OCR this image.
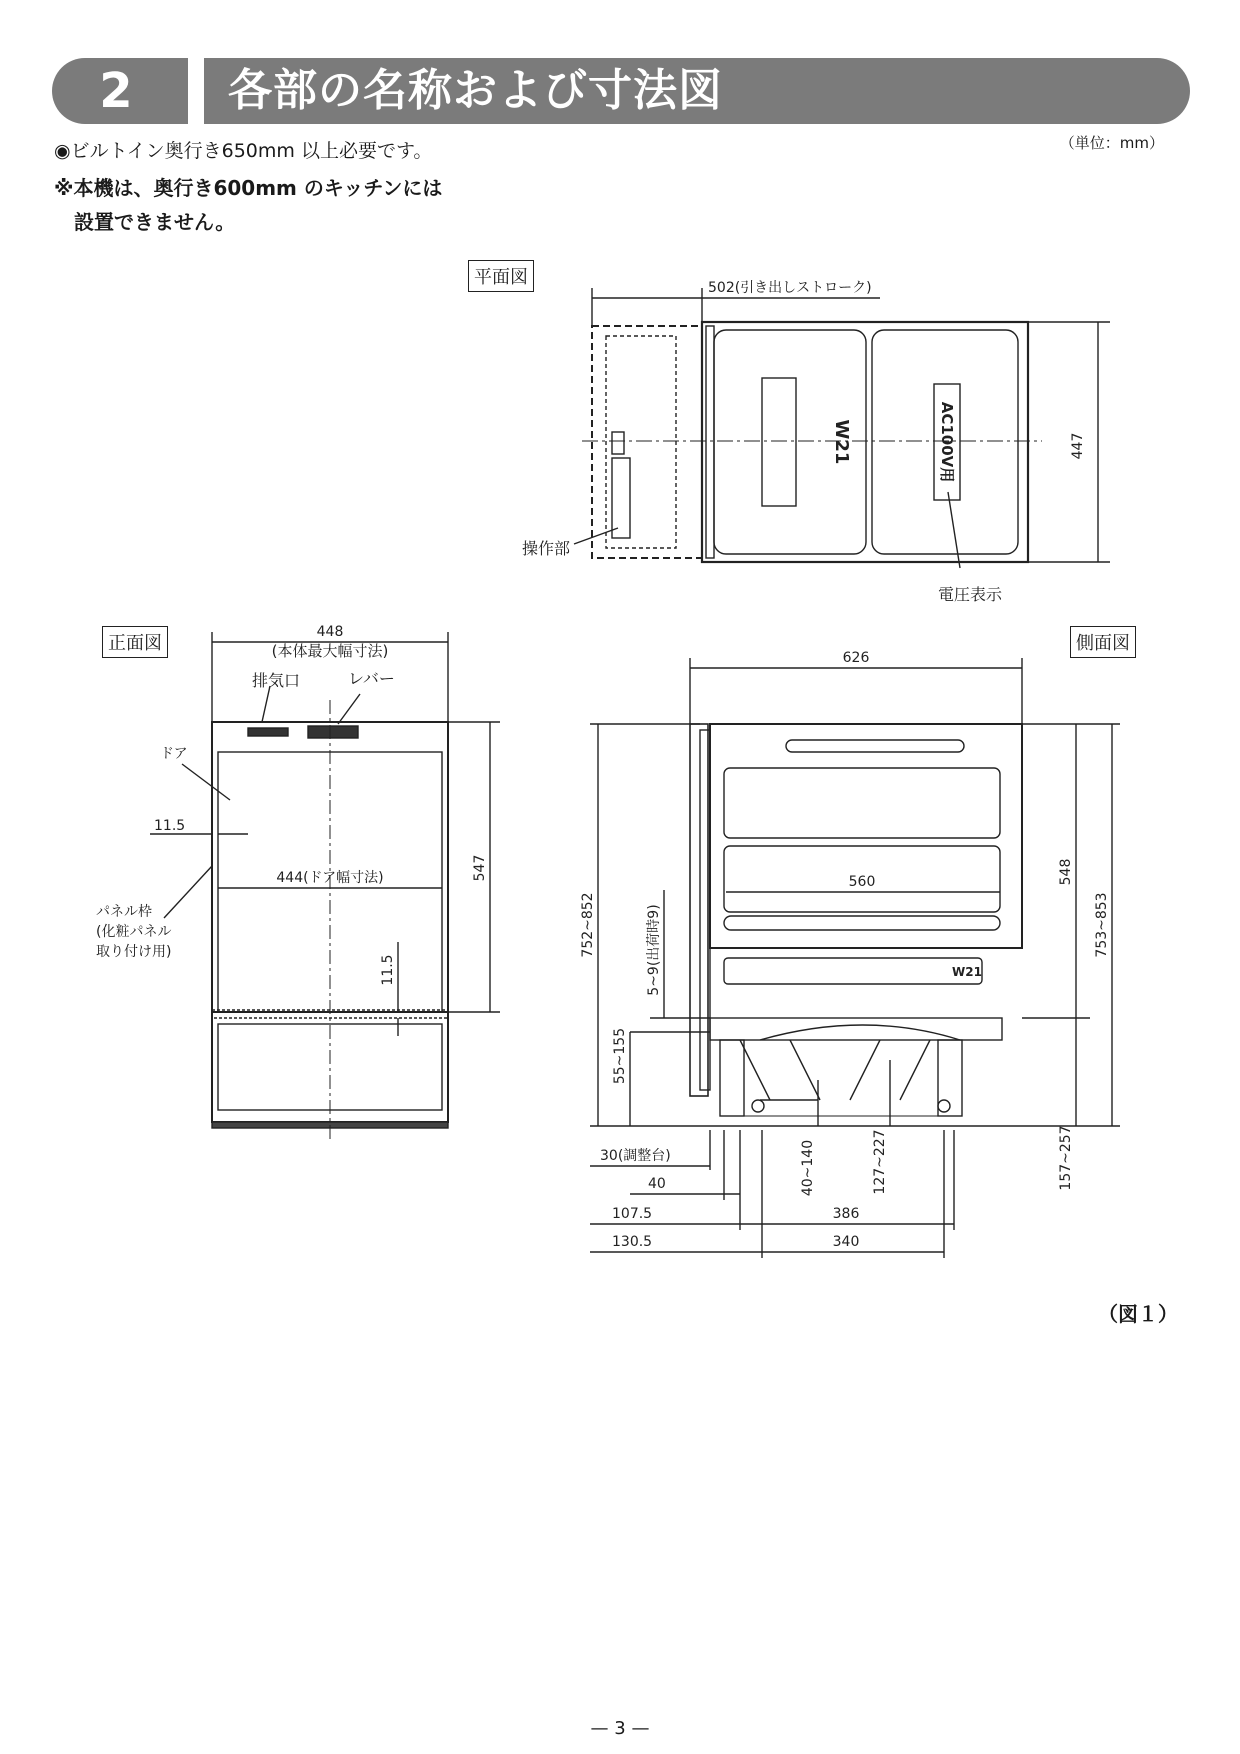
2	各部の名称および寸法図
（単位：mm）
◉ビルトイン奥行き650mm 以上必要です。
※本機は、奥行き600mm のキッチンには
設置できません。
502(引き出しストローク)
447
操作部
電圧表示
W21	AC100V用
448
(本体最大幅寸法)
排気口	レバー
ドア
11.5
444(ドア幅寸法)	547
11.5
パネル枠
(化粧パネル
取り付け用)
626
560	548
752~852	753~853
5~9(出荷時9)
55~155
40~140	127~227	157~257
30(調整台)
40
107.5	386
130.5	340
W21
平面図
正面図	側面図
（図１）
— 3 —
